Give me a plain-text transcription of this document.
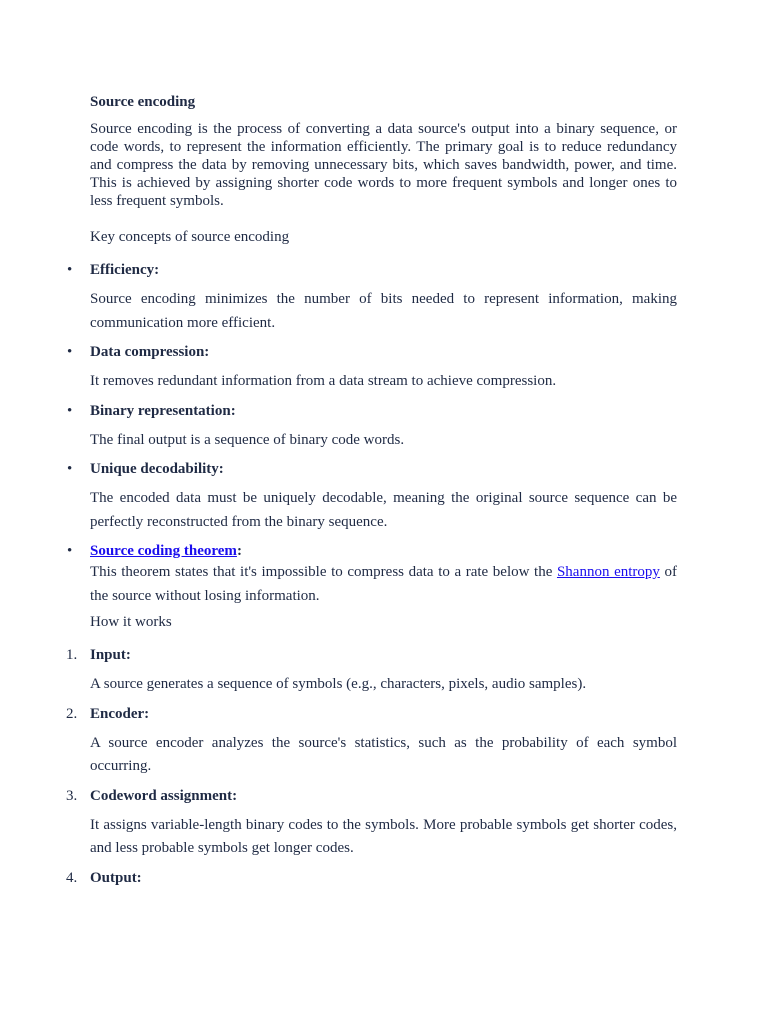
Source encoding

Source encoding is the process of converting a data source's output into a binary sequence, or code words, to represent the information efficiently. The primary goal is to reduce redundancy and compress the data by removing unnecessary bits, which saves bandwidth, power, and time. This is achieved by assigning shorter code words to more frequent symbols and longer ones to less frequent symbols.

Key concepts of source encoding

•	Efficiency:
Source encoding minimizes the number of bits needed to represent information, making communication more efficient.
•	Data compression:
It removes redundant information from a data stream to achieve compression.
•	Binary representation:
The final output is a sequence of binary code words.
•	Unique decodability:
The encoded data must be uniquely decodable, meaning the original source sequence can be perfectly reconstructed from the binary sequence.
•	Source coding theorem:
This theorem states that it's impossible to compress data to a rate below the Shannon entropy of the source without losing information.

How it works

1. Input:
A source generates a sequence of symbols (e.g., characters, pixels, audio samples).
2. Encoder:
A source encoder analyzes the source's statistics, such as the probability of each symbol occurring.
3. Codeword assignment:
It assigns variable-length binary codes to the symbols. More probable symbols get shorter codes, and less probable symbols get longer codes.
4. Output:
